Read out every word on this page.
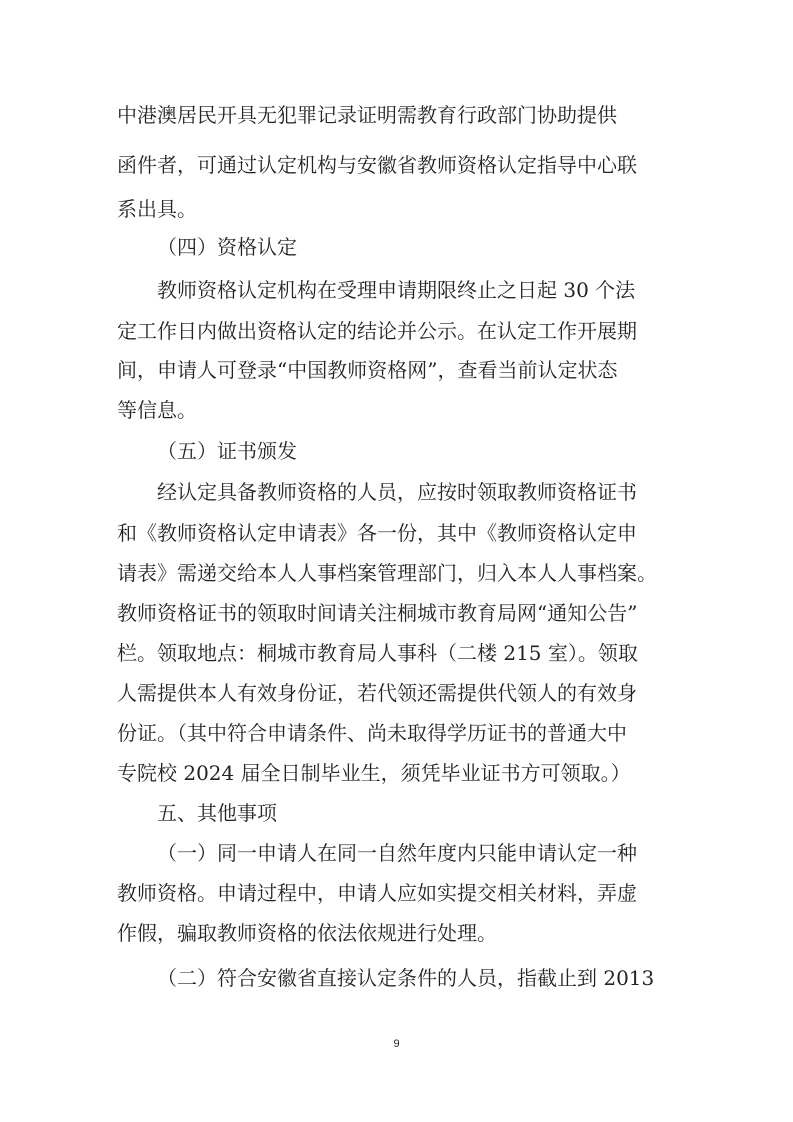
中港澳居民开具无犯罪记录证明需教育行政部门协助提供
函件者，可通过认定机构与安徽省教师资格认定指导中心联
系出具。
（四）资格认定
教师资格认定机构在受理申请期限终止之日起 30 个法
定工作日内做出资格认定的结论并公示。在认定工作开展期
间，申请人可登录“中国教师资格网”，查看当前认定状态
等信息。
（五）证书颁发
经认定具备教师资格的人员，应按时领取教师资格证书
和《教师资格认定申请表》各一份，其中《教师资格认定申
请表》需递交给本人人事档案管理部门，归入本人人事档案。
教师资格证书的领取时间请关注桐城市教育局网“通知公告”
栏。领取地点：桐城市教育局人事科（二楼 215 室）。领取
人需提供本人有效身份证，若代领还需提供代领人的有效身
份证。（其中符合申请条件、尚未取得学历证书的普通大中
专院校 2024 届全日制毕业生，须凭毕业证书方可领取。）
五、其他事项
（一）同一申请人在同一自然年度内只能申请认定一种
教师资格。申请过程中，申请人应如实提交相关材料，弄虚
作假，骗取教师资格的依法依规进行处理。
（二）符合安徽省直接认定条件的人员，指截止到 2013
9
